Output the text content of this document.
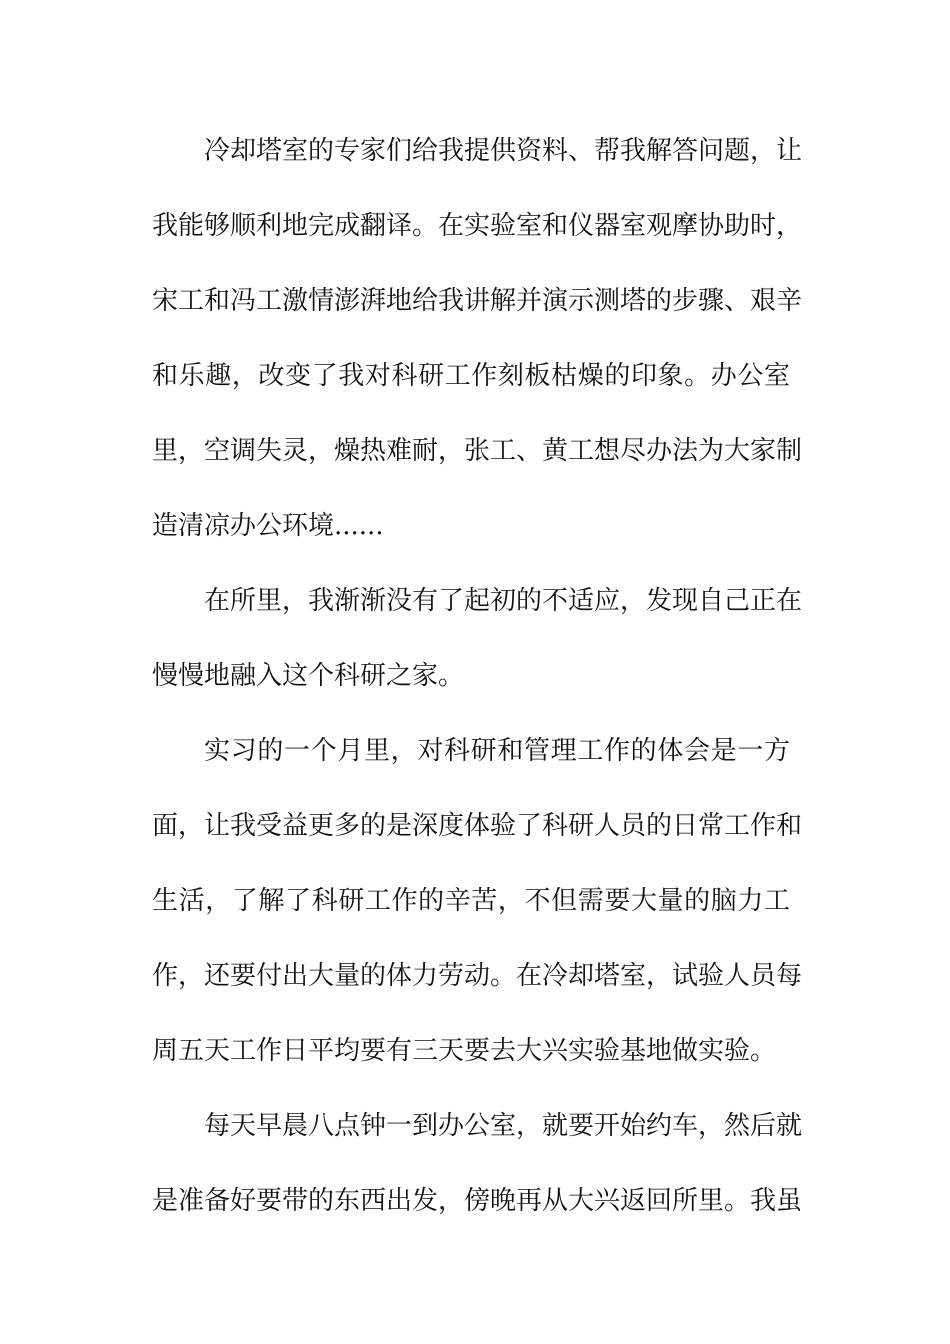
冷却塔室的专家们给我提供资料、帮我解答问题，让
我能够顺利地完成翻译。在实验室和仪器室观摩协助时，
宋工和冯工激情澎湃地给我讲解并演示测塔的步骤、艰辛
和乐趣，改变了我对科研工作刻板枯燥的印象。办公室
里，空调失灵，燥热难耐，张工、黄工想尽办法为大家制
造清凉办公环境......
在所里，我渐渐没有了起初的不适应，发现自己正在
慢慢地融入这个科研之家。
实习的一个月里，对科研和管理工作的体会是一方
面，让我受益更多的是深度体验了科研人员的日常工作和
生活，了解了科研工作的辛苦，不但需要大量的脑力工
作，还要付出大量的体力劳动。在冷却塔室，试验人员每
周五天工作日平均要有三天要去大兴实验基地做实验。
每天早晨八点钟一到办公室，就要开始约车，然后就
是准备好要带的东西出发，傍晚再从大兴返回所里。我虽
